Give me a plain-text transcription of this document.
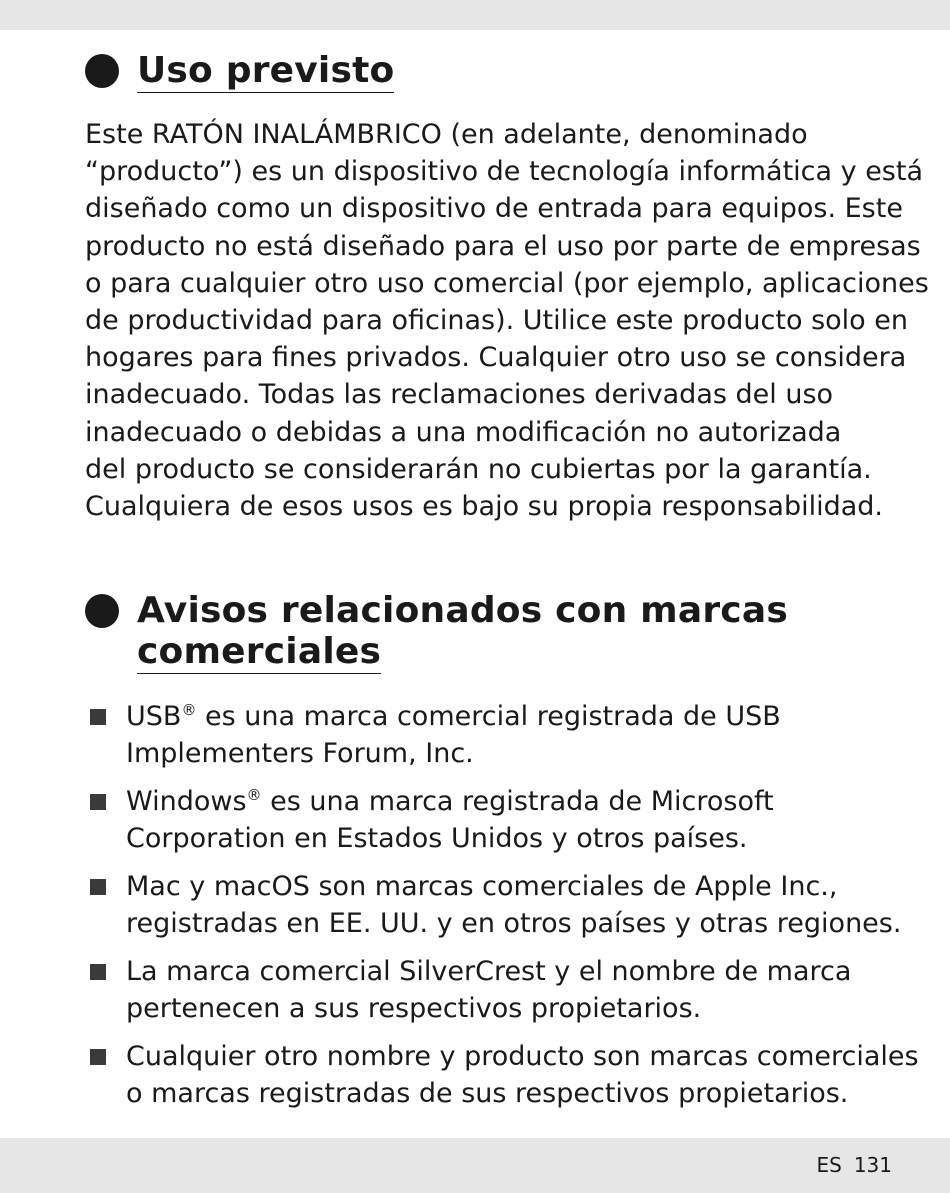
Uso previsto
Este RATÓN INALÁMBRICO (en adelante, denominado
“producto”) es un dispositivo de tecnología informática y está
diseñado como un dispositivo de entrada para equipos. Este
producto no está diseñado para el uso por parte de empresas
o para cualquier otro uso comercial (por ejemplo, aplicaciones
de productividad para oficinas). Utilice este producto solo en
hogares para fines privados. Cualquier otro uso se considera
inadecuado. Todas las reclamaciones derivadas del uso
inadecuado o debidas a una modificación no autorizada
del producto se considerarán no cubiertas por la garantía.
Cualquiera de esos usos es bajo su propia responsabilidad.
Avisos relacionados con marcas
comerciales
USB® es una marca comercial registrada de USB
Implementers Forum, Inc.
Windows® es una marca registrada de Microsoft
Corporation en Estados Unidos y otros países.
Mac y macOS son marcas comerciales de Apple Inc.,
registradas en EE. UU. y en otros países y otras regiones.
La marca comercial SilverCrest y el nombre de marca
pertenecen a sus respectivos propietarios.
Cualquier otro nombre y producto son marcas comerciales
o marcas registradas de sus respectivos propietarios.
ES 131
